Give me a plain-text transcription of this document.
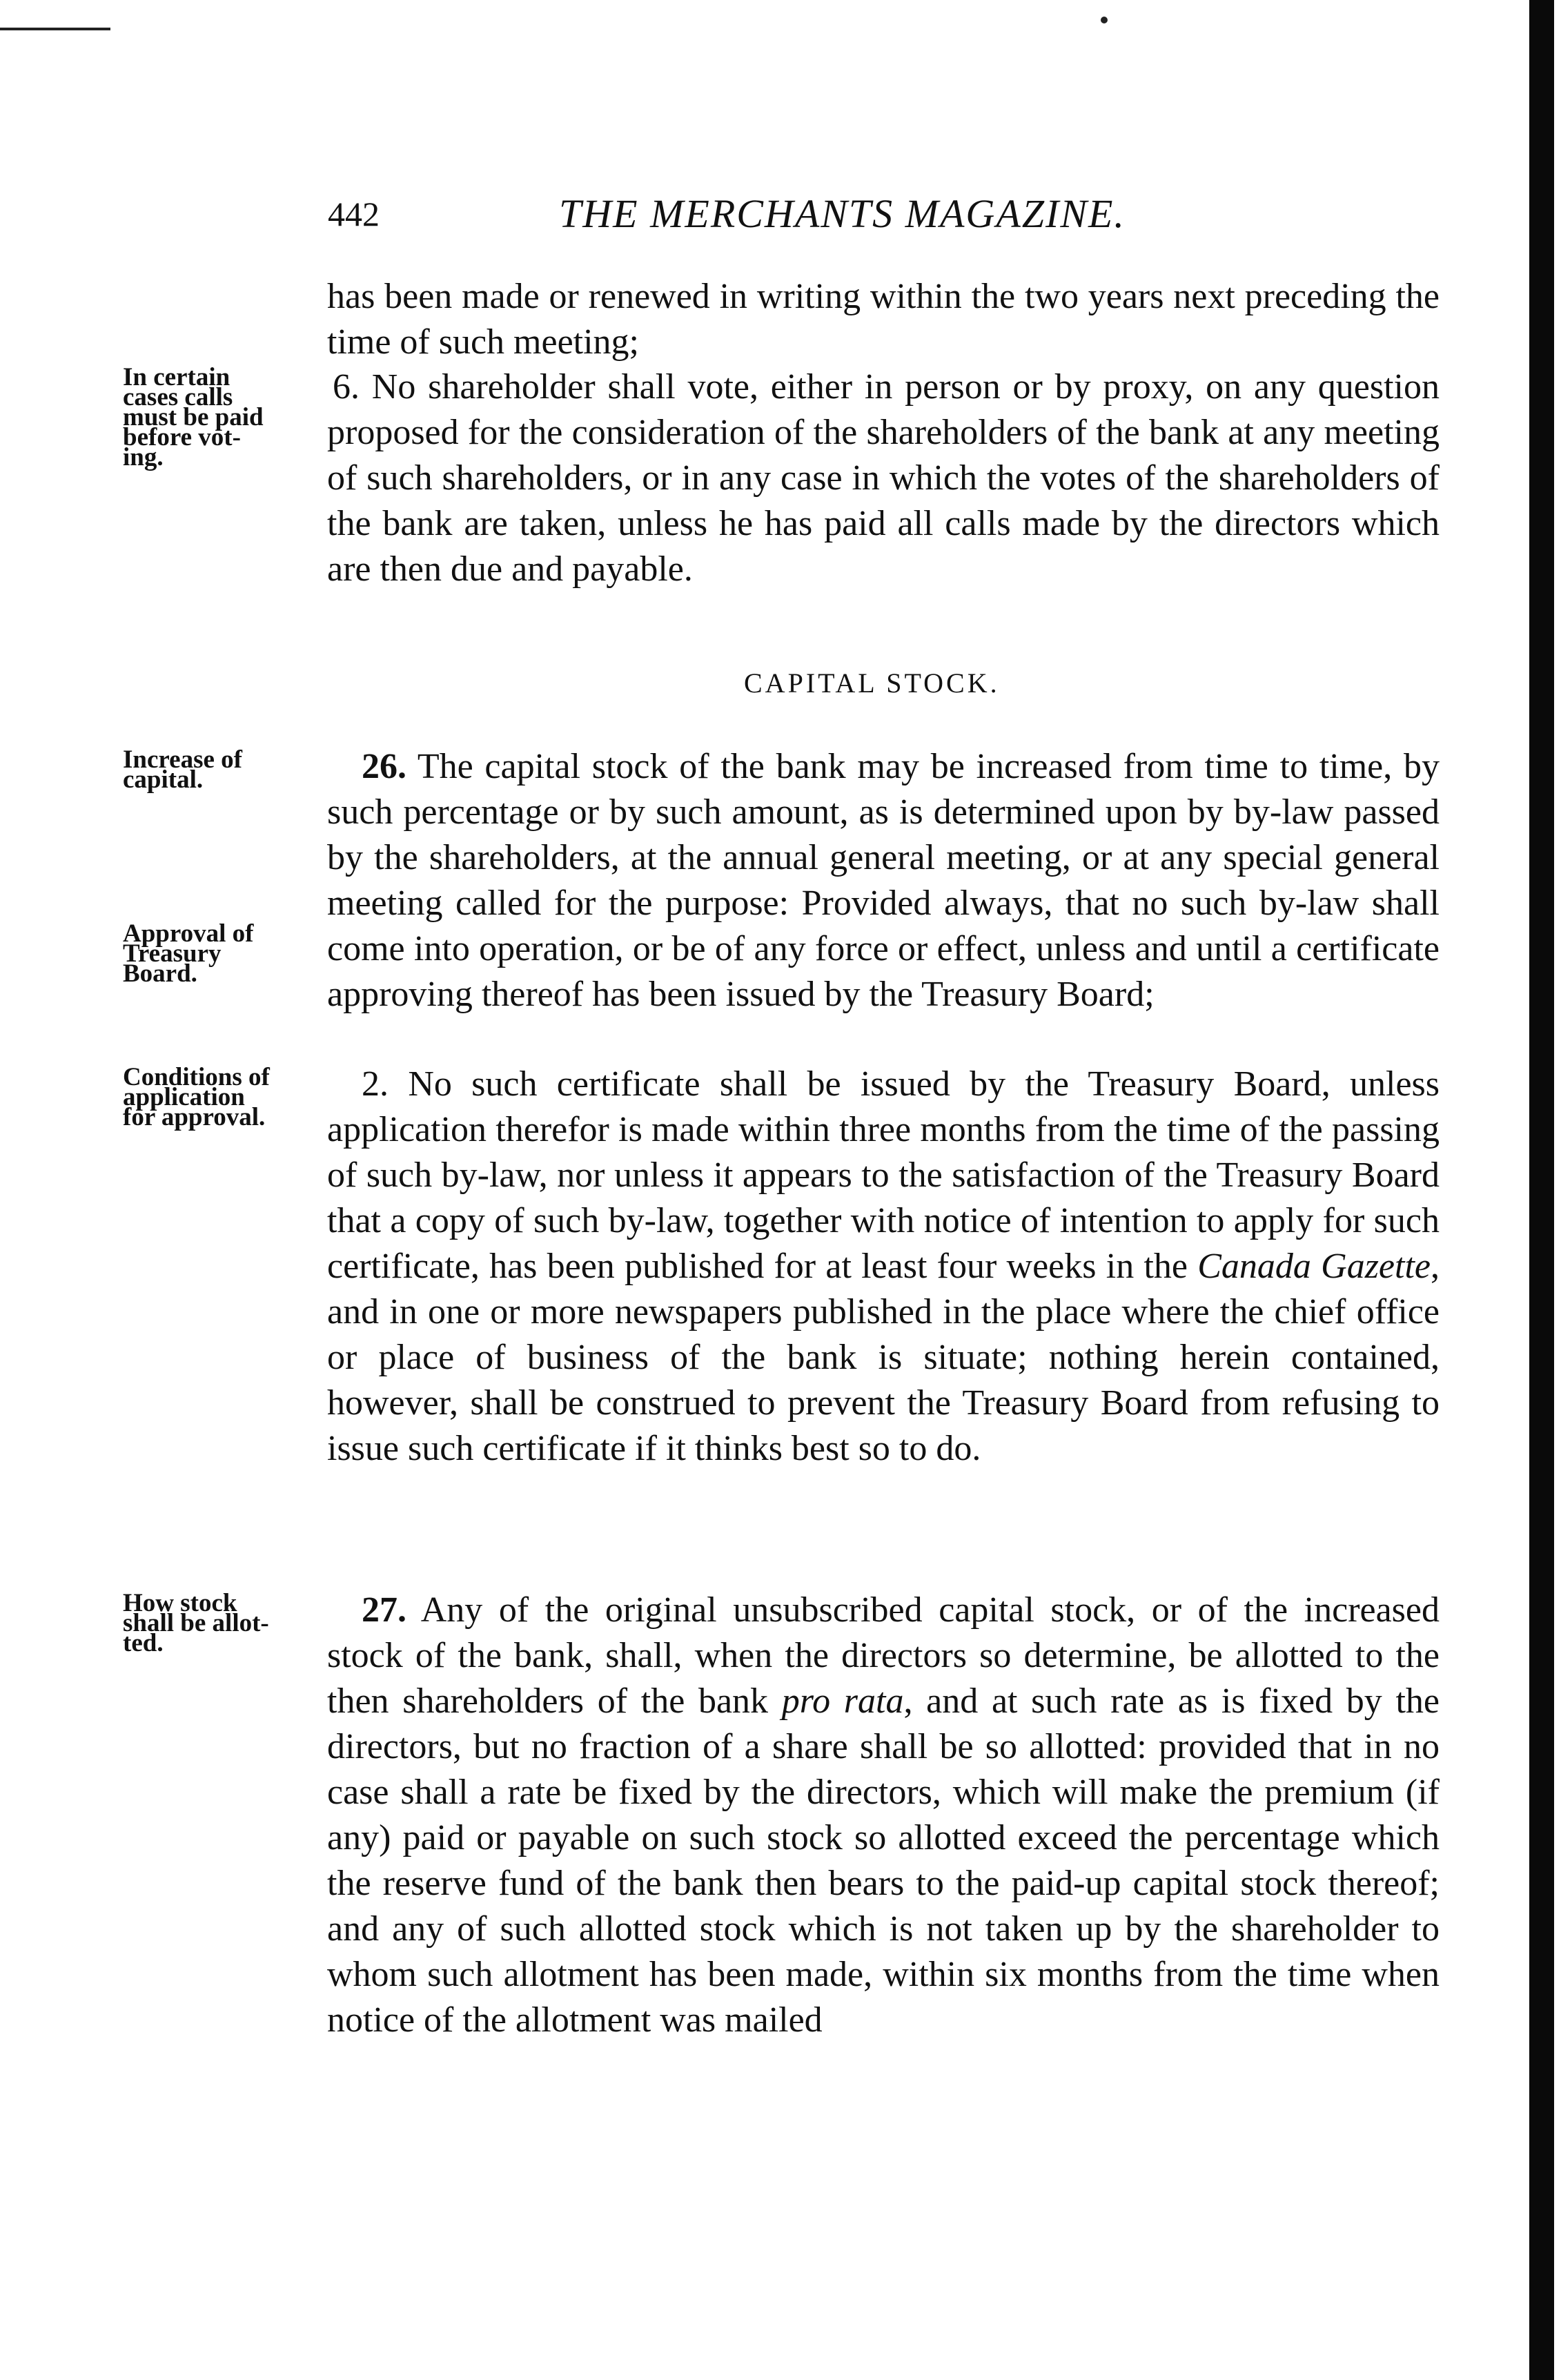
442	THE MERCHANTS MAGAZINE.

has been made or renewed in writing within the two years next preceding the time of such meeting;

6. No shareholder shall vote, either in person or by proxy, on any question proposed for the consideration of the shareholders of the bank at any meeting of such shareholders, or in any case in which the votes of the shareholders of the bank are taken, unless he has paid all calls made by the directors which are then due and payable.

CAPITAL STOCK.

26. The capital stock of the bank may be increased from time to time, by such percentage or by such amount, as is determined upon by by-law passed by the shareholders, at the annual general meeting, or at any special general meeting called for the purpose: Provided always, that no such by-law shall come into operation, or be of any force or effect, unless and until a certificate approving thereof has been issued by the Treasury Board;

2. No such certificate shall be issued by the Treasury Board, unless application therefor is made within three months from the time of the passing of such by-law, nor unless it appears to the satisfaction of the Treasury Board that a copy of such by-law, together with notice of intention to apply for such certificate, has been published for at least four weeks in the Canada Gazette, and in one or more newspapers published in the place where the chief office or place of business of the bank is situate; nothing herein contained, however, shall be construed to prevent the Treasury Board from refusing to issue such certificate if it thinks best so to do.

27. Any of the original unsubscribed capital stock, or of the increased stock of the bank, shall, when the directors so determine, be allotted to the then shareholders of the bank pro rata, and at such rate as is fixed by the directors, but no fraction of a share shall be so allotted: provided that in no case shall a rate be fixed by the directors, which will make the premium (if any) paid or payable on such stock so allotted exceed the percentage which the reserve fund of the bank then bears to the paid-up capital stock thereof; and any of such allotted stock which is not taken up by the shareholder to whom such allotment has been made, within six months from the time when notice of the allotment was mailed

In certain
cases calls
must be paid
before vot-
ing.
Increase of
capital.
Approval of
Treasury
Board.
Conditions of
application
for approval.
How stock
shall be allot-
ted.
